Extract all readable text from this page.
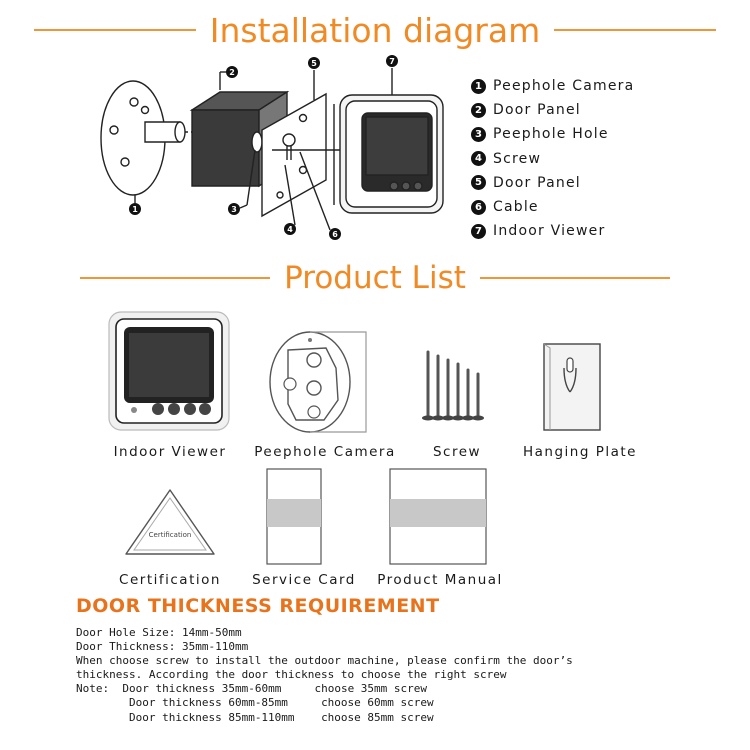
Installation diagram
1
2
3
4
5
6
7
1 Peephole Camera
2 Door Panel
3 Peephole Hole
4 Screw
5 Door Panel
6 Cable
7 Indoor Viewer
Product List
Certification
Indoor Viewer Peephole Camera	Screw	Hanging Plate
Certification Service Card Product Manual
DOOR THICKNESS REQUIREMENT
Door Hole Size: 14mm-50mm
Door Thickness: 35mm-110mm
When choose screw to install the outdoor machine, please confirm the door’s thickness. According the door thickness to choose the right screw
Note: Door thickness 35mm-60mm	choose 35mm screw
Door thickness 60mm-85mm	choose 60mm screw
Door thickness 85mm-110mm choose 85mm screw
